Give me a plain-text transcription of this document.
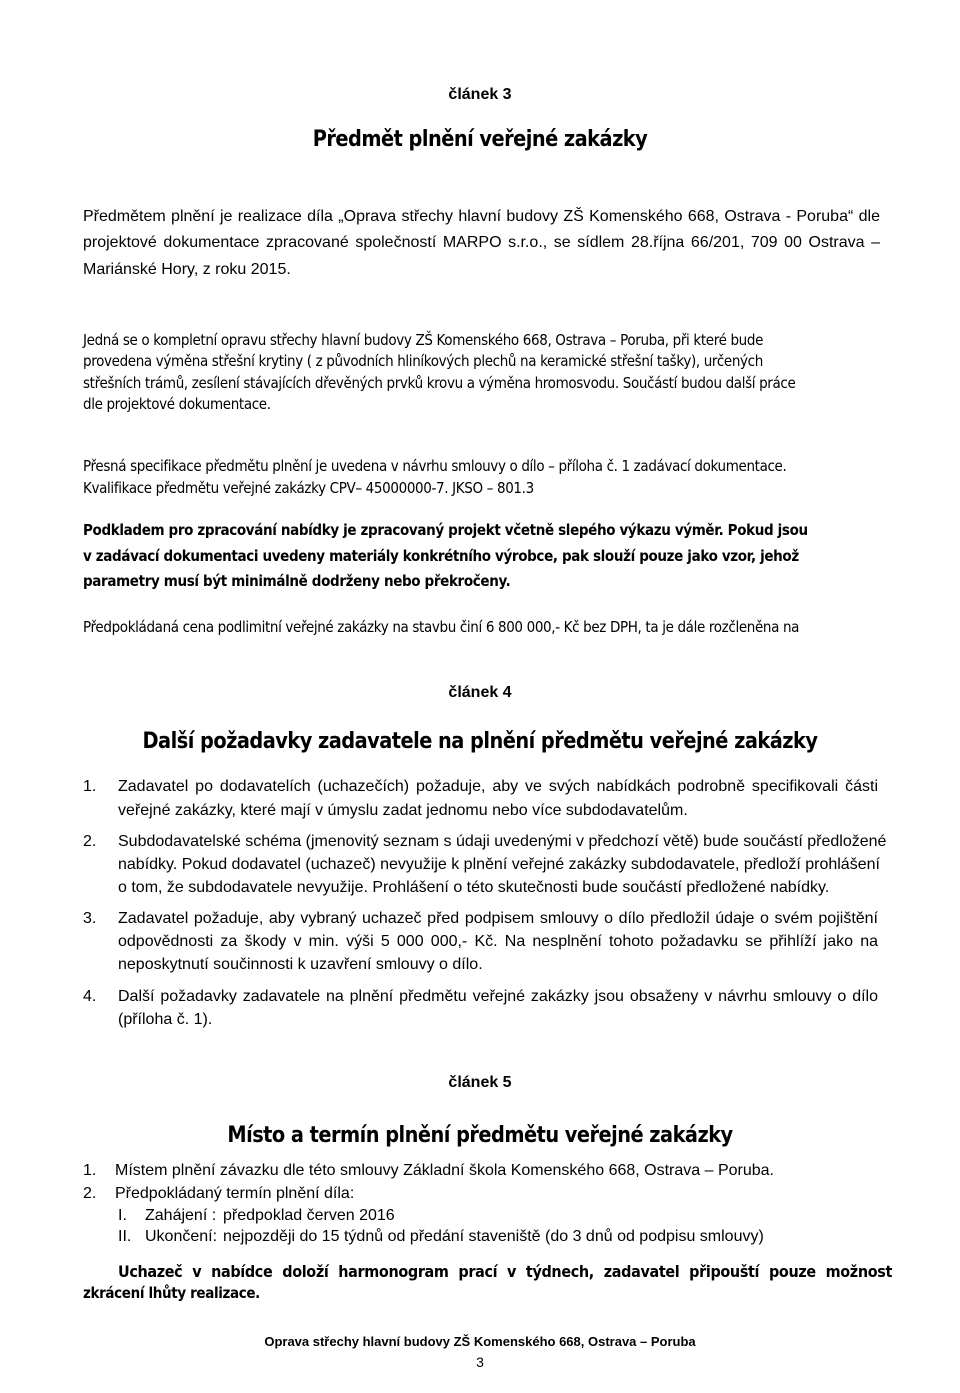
článek 3

Předmět plnění veřejné zakázky

Předmětem plnění je realizace díla „Oprava střechy hlavní budovy ZŠ Komenského 668, Ostrava - Poruba“ dle

projektové dokumentace zpracované společností MARPO s.r.o., se sídlem 28.října 66/201, 709 00 Ostrava –

Mariánské Hory, z roku 2015.

Jedná se o kompletní opravu střechy hlavní budovy ZŠ Komenského 668, Ostrava – Poruba, při které bude

provedena výměna střešní krytiny ( z původních hliníkových plechů na keramické střešní tašky), určených

střešních trámů, zesílení stávajících dřevěných prvků krovu a výměna hromosvodu. Součástí budou další práce

dle projektové dokumentace.

Přesná specifikace předmětu plnění je uvedena v návrhu smlouvy o dílo – příloha č. 1 zadávací dokumentace.

Kvalifikace předmětu veřejné zakázky CPV– 45000000-7. JKSO – 801.3

Podkladem pro zpracování nabídky je zpracovaný projekt včetně slepého výkazu výměr. Pokud jsou

v zadávací dokumentaci uvedeny materiály konkrétního výrobce, pak slouží pouze jako vzor, jehož

parametry musí být minimálně dodrženy nebo překročeny.

Předpokládaná cena podlimitní veřejné zakázky na stavbu činí 6 800 000,- Kč bez DPH, ta je dále rozčleněna na

článek 4

Další požadavky zadavatele na plnění předmětu veřejné zakázky

1. Zadavatel po dodavatelích (uchazečích) požaduje, aby ve svých nabídkách podrobně specifikovali části

veřejné zakázky, které mají v úmyslu zadat jednomu nebo více subdodavatelům.

2. Subdodavatelské schéma (jmenovitý seznam s údaji uvedenými v předchozí větě) bude součástí předložené

nabídky. Pokud dodavatel (uchazeč) nevyužije k plnění veřejné zakázky subdodavatele, předloží prohlášení

o tom, že subdodavatele nevyužije. Prohlášení o této skutečnosti bude součástí předložené nabídky.

3. Zadavatel požaduje, aby vybraný uchazeč před podpisem smlouvy o dílo předložil údaje o svém pojištění

odpovědnosti za škody v min. výši 5 000 000,- Kč. Na nesplnění tohoto požadavku se přihlíží jako na

neposkytnutí součinnosti k uzavření smlouvy o dílo.

4. Další požadavky zadavatele na plnění předmětu veřejné zakázky jsou obsaženy v návrhu smlouvy o dílo

(příloha č. 1).

článek 5

Místo a termín plnění předmětu veřejné zakázky

1. Místem plnění závazku dle této smlouvy Základní škola Komenského 668, Ostrava – Poruba.

2. Předpokládaný termín plnění díla:

I. Zahájení : předpoklad červen 2016

II. Ukončení: nejpozději do 15 týdnů od předání staveniště (do 3 dnů od podpisu smlouvy)

Uchazeč v nabídce doloží harmonogram prací v týdnech, zadavatel připouští pouze možnost

zkrácení lhůty realizace.

Oprava střechy hlavní budovy ZŠ Komenského 668, Ostrava – Poruba

3
